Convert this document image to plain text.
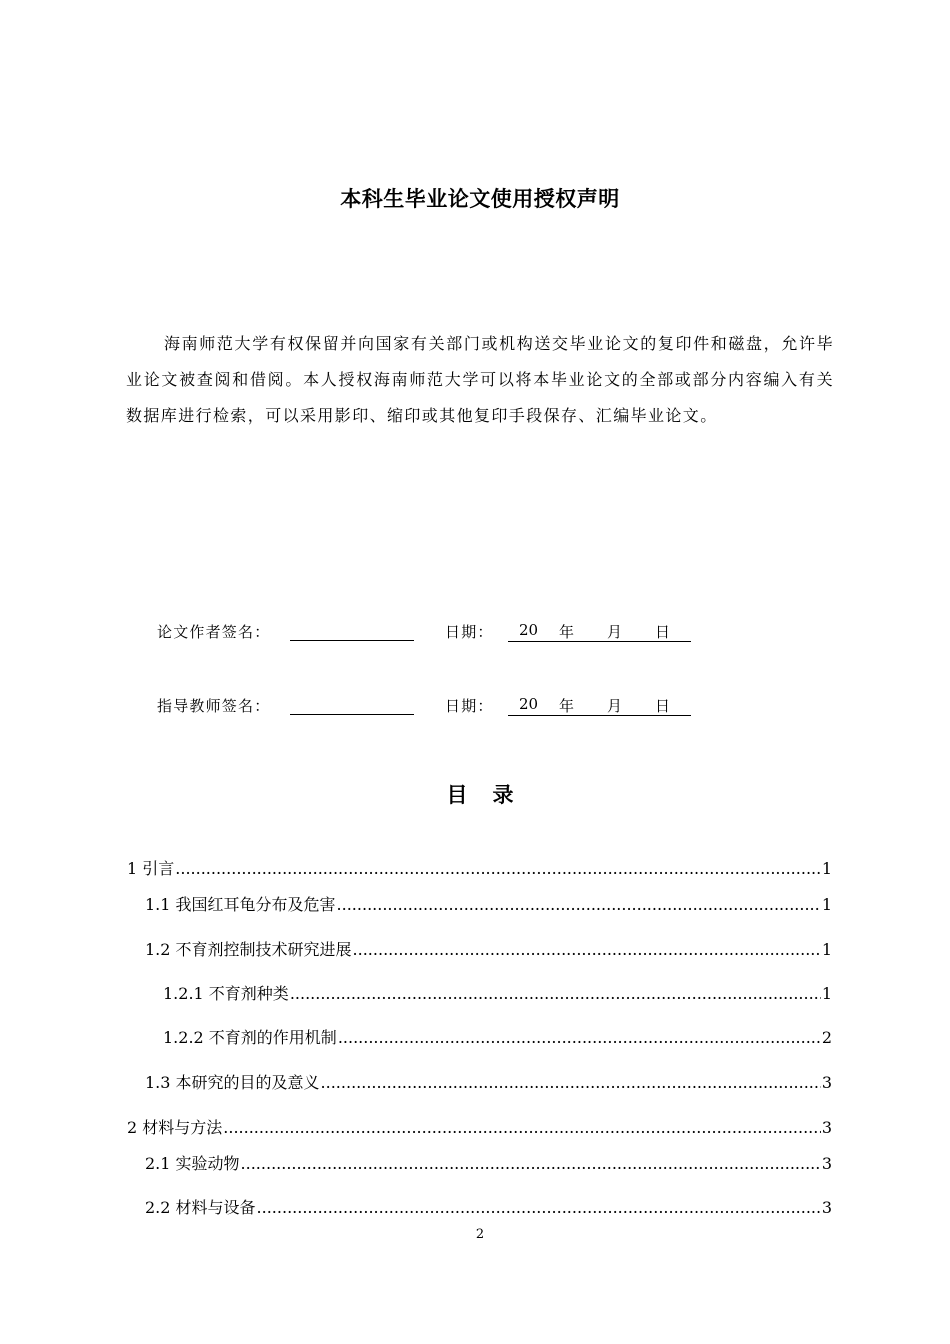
本科生毕业论文使用授权声明
海南师范大学有权保留并向国家有关部门或机构送交毕业论文的复印件和磁盘，允许毕业论文被查阅和借阅。本人授权海南师范大学可以将本毕业论文的全部或部分内容编入有关数据库进行检索，可以采用影印、缩印或其他复印手段保存、汇编毕业论文。
论文作者签名：	日期： 20 年 月 日
指导教师签名：	日期： 20 年 月 日
目录
1 引言 .....	1
1.1 我国红耳龟分布及危害 .....	1
1.2 不育剂控制技术研究进展 .....	1
1.2.1 不育剂种类 .....	1
1.2.2 不育剂的作用机制 .....	2
1.3 本研究的目的及意义 .....	3
2 材料与方法 .....	3
2.1 实验动物 .....	3
2.2 材料与设备 .....	3
2
